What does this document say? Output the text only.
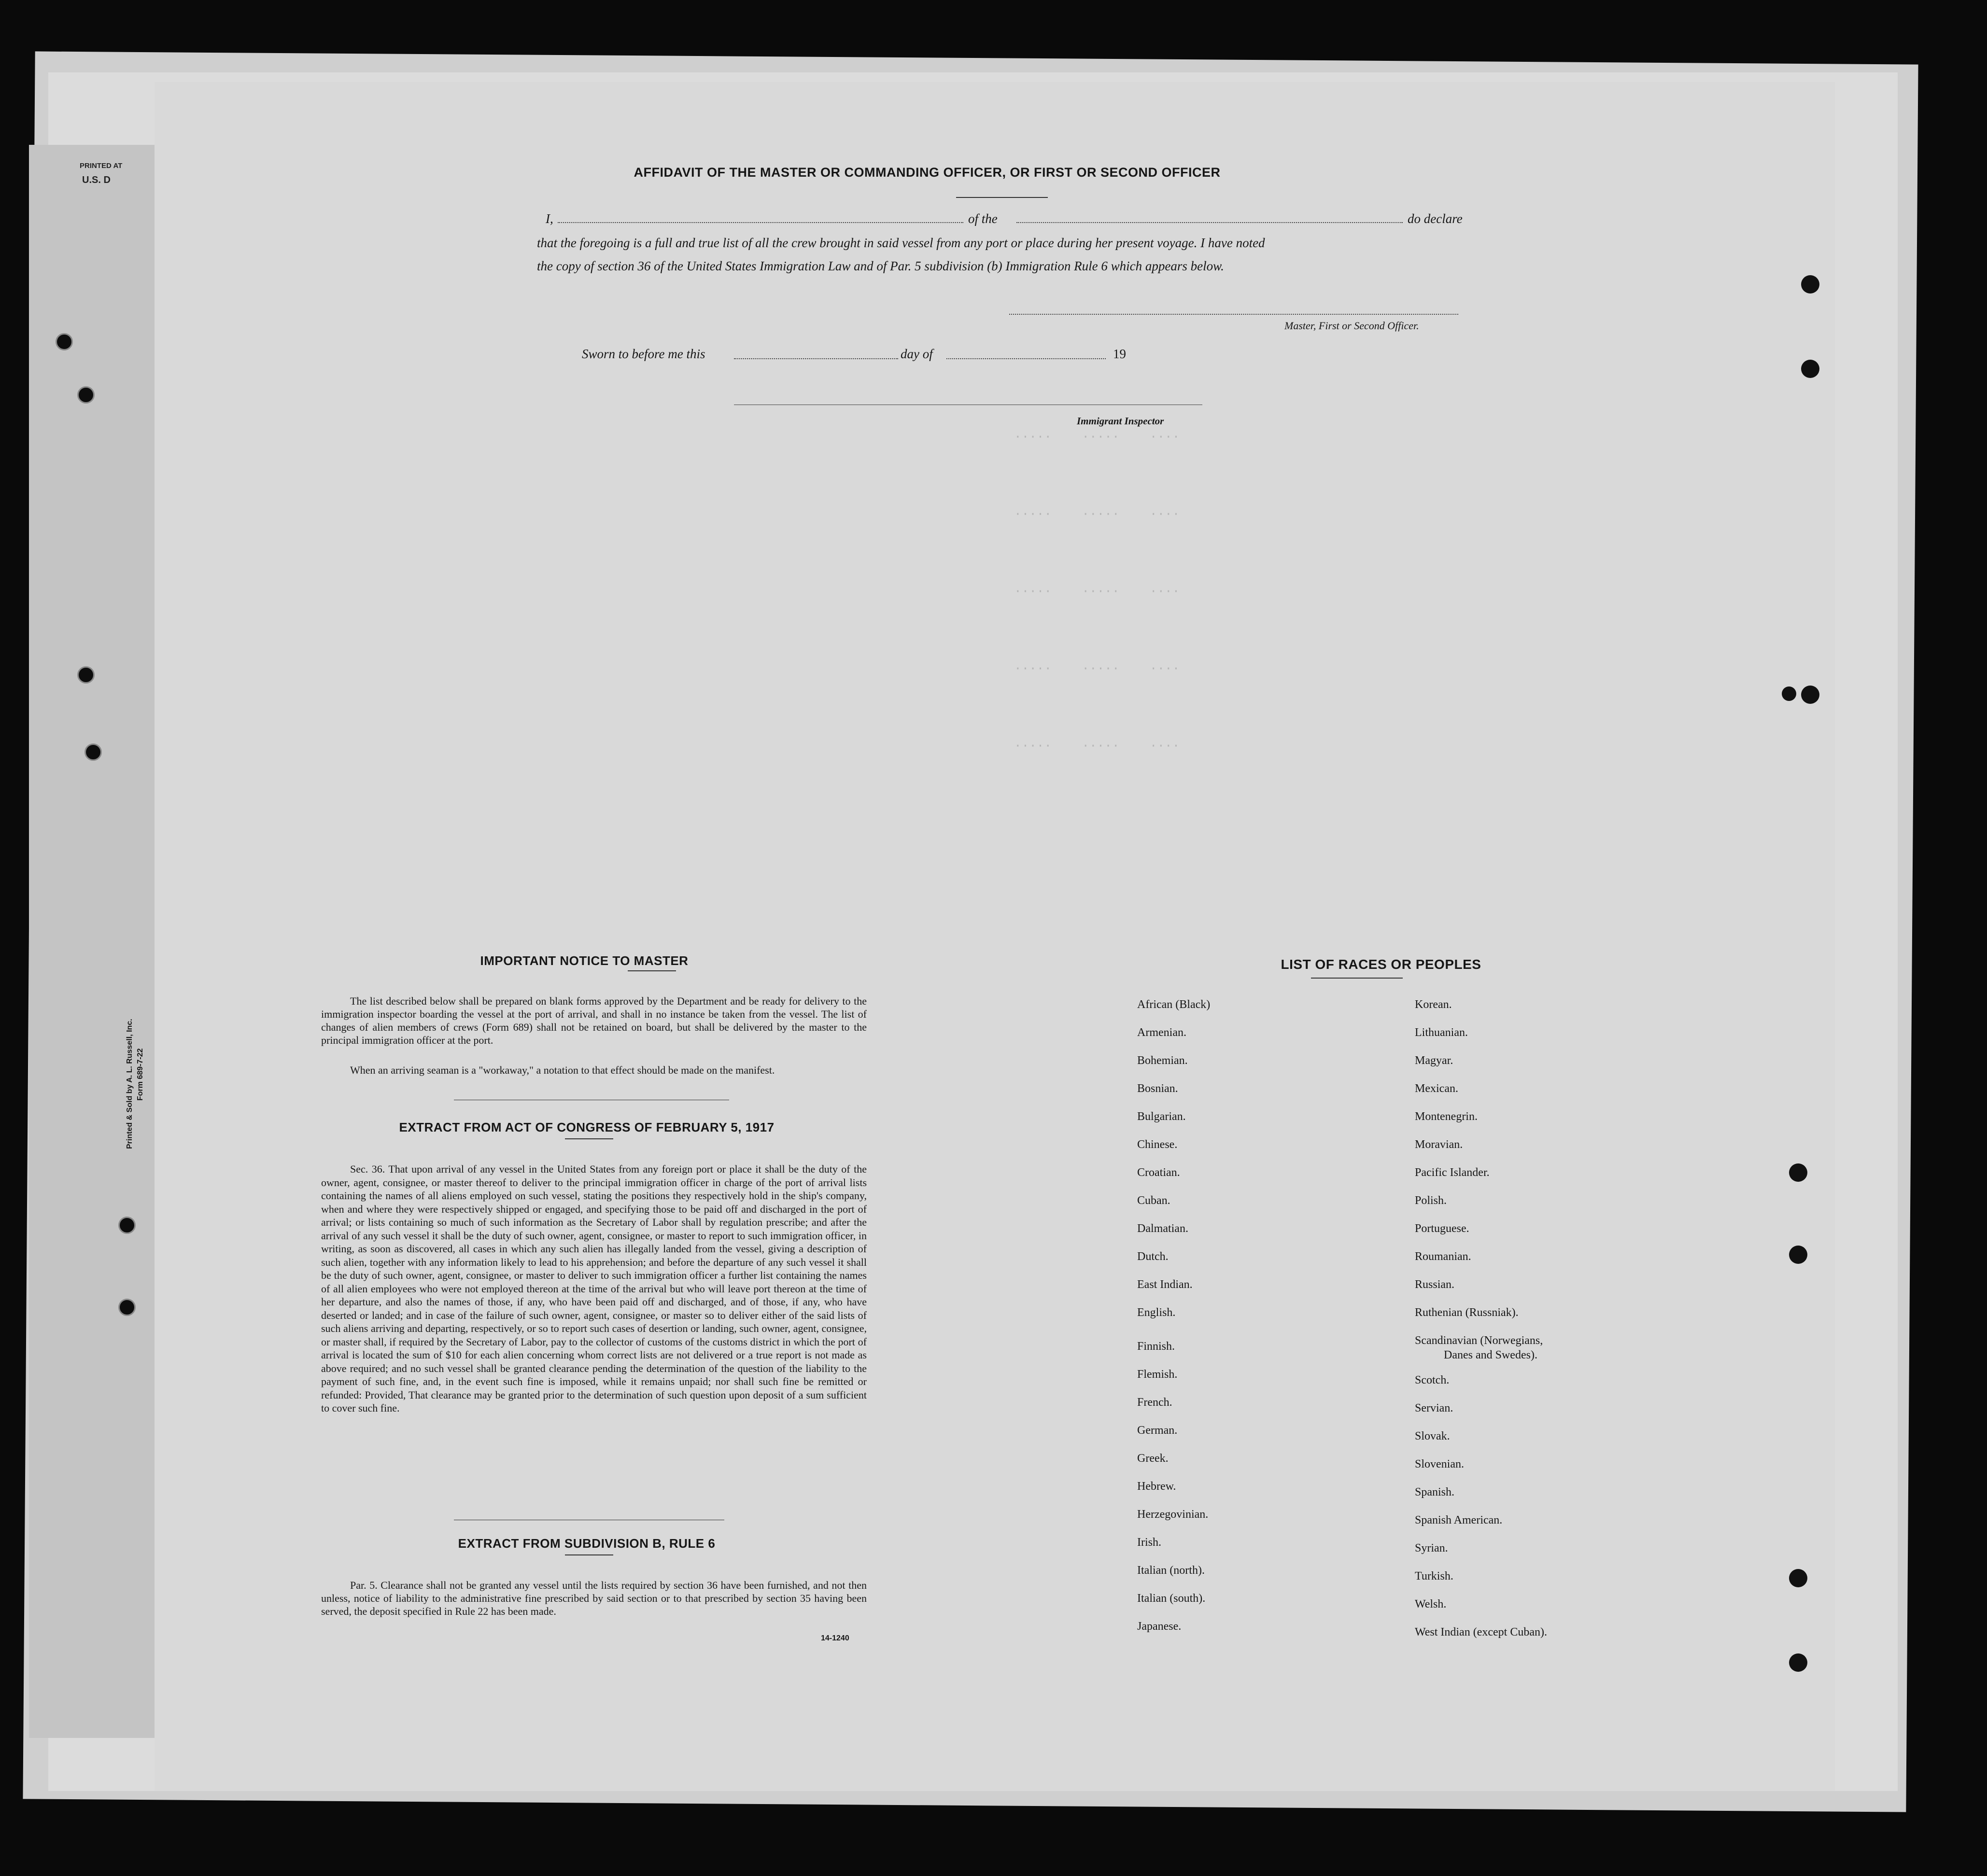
PRINTED AT
U.S. D
Printed & Sold by A. L. Russell, Inc. Form 689-7-22
·····    ·····    ····
·····    ·····    ····
·····    ·····    ····
·····    ·····    ····
·····    ·····    ····
AFFIDAVIT OF THE MASTER OR COMMANDING OFFICER, OR FIRST OR SECOND OFFICER
I,	of the	do declare
that the foregoing is a full and true list of all the crew brought in said vessel from any port or place during her present voyage. I have noted
the copy of section 36 of the United States Immigration Law and of Par. 5 subdivision (b) Immigration Rule 6 which appears below.
Master, First or Second Officer.
Sworn to before me this	day of	19
Immigrant Inspector
IMPORTANT NOTICE TO MASTER
The list described below shall be prepared on blank forms approved by the Department and be ready for delivery to the immigration inspector boarding the vessel at the port of arrival, and shall in no instance be taken from the vessel. The list of changes of alien members of crews (Form 689) shall not be retained on board, but shall be delivered by the master to the principal immigration officer at the port.
When an arriving seaman is a "workaway," a notation to that effect should be made on the manifest.
EXTRACT FROM ACT OF CONGRESS OF FEBRUARY 5, 1917
Sec. 36. That upon arrival of any vessel in the United States from any foreign port or place it shall be the duty of the owner, agent, consignee, or master thereof to deliver to the principal immigration officer in charge of the port of arrival lists containing the names of all aliens employed on such vessel, stating the positions they respectively hold in the ship's company, when and where they were respectively shipped or engaged, and specifying those to be paid off and discharged in the port of arrival; or lists containing so much of such information as the Secretary of Labor shall by regulation prescribe; and after the arrival of any such vessel it shall be the duty of such owner, agent, consignee, or master to report to such immigration officer, in writing, as soon as discovered, all cases in which any such alien has illegally landed from the vessel, giving a description of such alien, together with any information likely to lead to his apprehension; and before the departure of any such vessel it shall be the duty of such owner, agent, consignee, or master to deliver to such immigration officer a further list containing the names of all alien employees who were not employed thereon at the time of the arrival but who will leave port thereon at the time of her departure, and also the names of those, if any, who have been paid off and discharged, and of those, if any, who have deserted or landed; and in case of the failure of such owner, agent, consignee, or master so to deliver either of the said lists of such aliens arriving and departing, respectively, or so to report such cases of desertion or landing, such owner, agent, consignee, or master shall, if required by the Secretary of Labor, pay to the collector of customs of the customs district in which the port of arrival is located the sum of $10 for each alien concerning whom correct lists are not delivered or a true report is not made as above required; and no such vessel shall be granted clearance pending the determination of the question of the liability to the payment of such fine, and, in the event such fine is imposed, while it remains unpaid; nor shall such fine be remitted or refunded: Provided, That clearance may be granted prior to the determination of such question upon deposit of a sum sufficient to cover such fine.
EXTRACT FROM SUBDIVISION B, RULE 6
Par. 5. Clearance shall not be granted any vessel until the lists required by section 36 have been furnished, and not then unless, notice of liability to the administrative fine prescribed by said section or to that prescribed by section 35 having been served, the deposit specified in Rule 22 has been made.
14-1240
LIST OF RACES OR PEOPLES
African (Black)
Armenian.
Bohemian.
Bosnian.
Bulgarian.
Chinese.
Croatian.
Cuban.
Dalmatian.
Dutch.
East Indian.
English.
Finnish.
Flemish.
French.
German.
Greek.
Hebrew.
Herzegovinian.
Irish.
Italian (north).
Italian (south).
Japanese.
Korean.
Lithuanian.
Magyar.
Mexican.
Montenegrin.
Moravian.
Pacific Islander.
Polish.
Portuguese.
Roumanian.
Russian.
Ruthenian (Russniak).
Scandinavian (Norwegians,
Danes and Swedes).
Scotch.
Servian.
Slovak.
Slovenian.
Spanish.
Spanish American.
Syrian.
Turkish.
Welsh.
West Indian (except Cuban).
